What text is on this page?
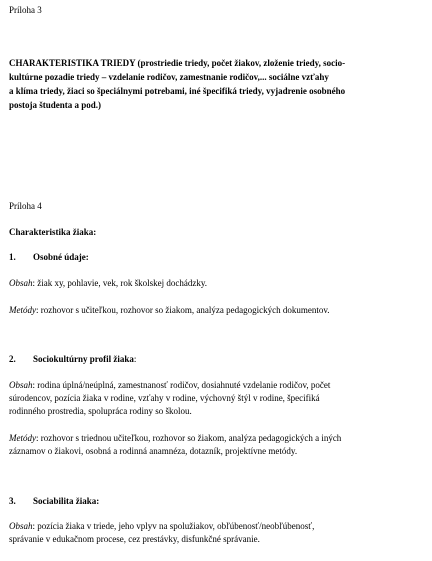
Príloha 3
CHARAKTERISTIKA TRIEDY (prostriedie triedy, počet žiakov, zloženie triedy, socio-
kultúrne pozadie triedy – vzdelanie rodičov, zamestnanie rodičov,... sociálne vzťahy
a klíma triedy, žiaci so špeciálnymi potrebami, iné špecifiká triedy, vyjadrenie osobného
postoja študenta a pod.)
Príloha 4
Charakteristika žiaka:
1. Osobné údaje:
Obsah: žiak xy, pohlavie, vek, rok školskej dochádzky.
Metódy: rozhovor s učiteľkou, rozhovor so žiakom, analýza pedagogických dokumentov.
2. Sociokultúrny profil žiaka:
Obsah: rodina úplná/neúplná, zamestnanosť rodičov, dosiahnuté vzdelanie rodičov, počet
súrodencov, pozícia žiaka v rodine, vzťahy v rodine, výchovný štýl v rodine, špecifiká
rodinného prostredia, spolupráca rodiny so školou.
Metódy: rozhovor s triednou učiteľkou, rozhovor so žiakom, analýza pedagogických a iných
záznamov o žiakovi, osobná a rodinná anamnéza, dotazník, projektívne metódy.
3. Sociabilita žiaka:
Obsah: pozícia žiaka v triede, jeho vplyv na spolužiakov, obľúbenosť/neobľúbenosť,
správanie v edukačnom procese, cez prestávky, disfunkčné správanie.
